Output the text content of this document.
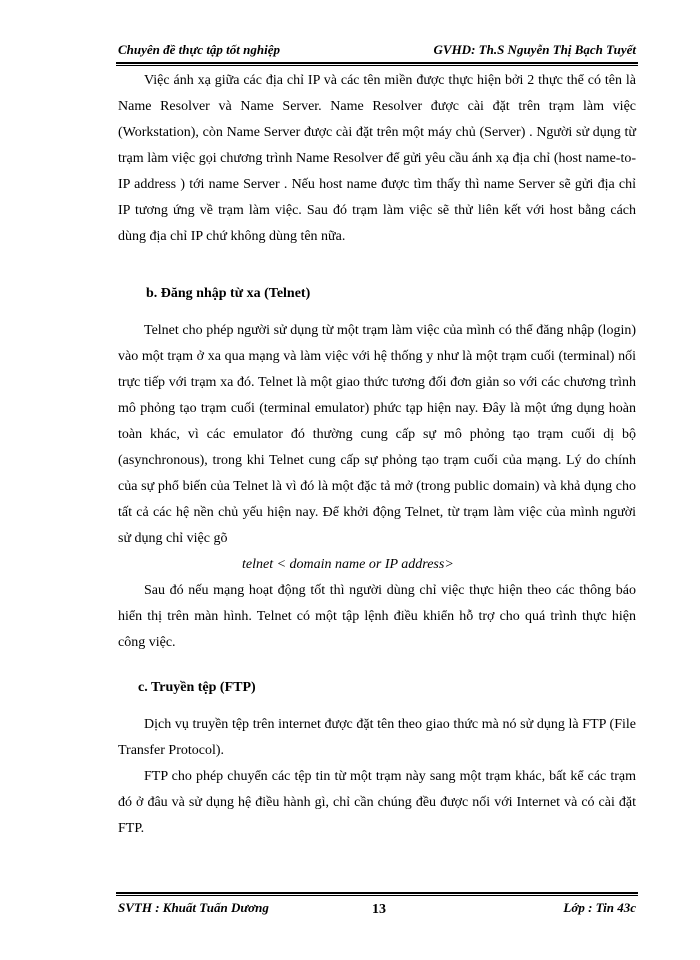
Chuyên đề thực tập tốt nghiệp	GVHD: Th.S Nguyễn Thị Bạch Tuyết

Việc ánh xạ giữa các địa chỉ IP và các tên miền được thực hiện bởi 2 thực thể có tên là Name Resolver và Name Server. Name Resolver được cài đặt trên trạm làm việc (Workstation), còn Name Server được cài đặt trên một máy chủ (Server) . Người sử dụng từ trạm làm việc gọi chương trình Name Resolver để gửi yêu cầu ánh xạ địa chỉ (host name-to-IP address ) tới name Server . Nếu host name được tìm thấy thì name Server sẽ gửi địa chỉ IP tương ứng về trạm làm việc. Sau đó trạm làm việc sẽ thử liên kết với host bằng cách dùng địa chỉ IP chứ không dùng tên nữa.

b. Đăng nhập từ xa (Telnet)

Telnet cho phép người sử dụng từ một trạm làm việc của mình có thể đăng nhập (login) vào một trạm ở xa qua mạng và làm việc với hệ thống y như là một trạm cuối (terminal) nối trực tiếp với trạm xa đó. Telnet là một giao thức tương đối đơn giản so với các chương trình mô phỏng tạo trạm cuối (terminal emulator) phức tạp hiện nay. Đây là một ứng dụng hoàn toàn khác, vì các emulator đó thường cung cấp sự mô phỏng tạo trạm cuối dị bộ (asynchronous), trong khi Telnet cung cấp sự phỏng tạo trạm cuối của mạng. Lý do chính của sự phổ biến của Telnet là vì đó là một đặc tả mở (trong public domain) và khả dụng cho tất cả các hệ nền chủ yếu hiện nay. Để khởi động Telnet, từ trạm làm việc của mình người sử dụng chỉ việc gõ

telnet < domain name or IP address>

Sau đó nếu mạng hoạt động tốt thì người dùng chỉ việc thực hiện theo các thông báo hiển thị trên màn hình. Telnet có một tập lệnh điều khiển hỗ trợ cho quá trình thực hiện công việc.

c. Truyền tệp (FTP)

Dịch vụ truyền tệp trên internet được đặt tên theo giao thức mà nó sử dụng là FTP (File Transfer Protocol).

FTP cho phép chuyển các tệp tin từ một trạm này sang một trạm khác, bất kể các trạm đó ở đâu và sử dụng hệ điều hành gì, chỉ cần chúng đều được nối với Internet và có cài đặt FTP.

SVTH : Khuất Tuấn Dương	13	Lớp : Tin 43c
